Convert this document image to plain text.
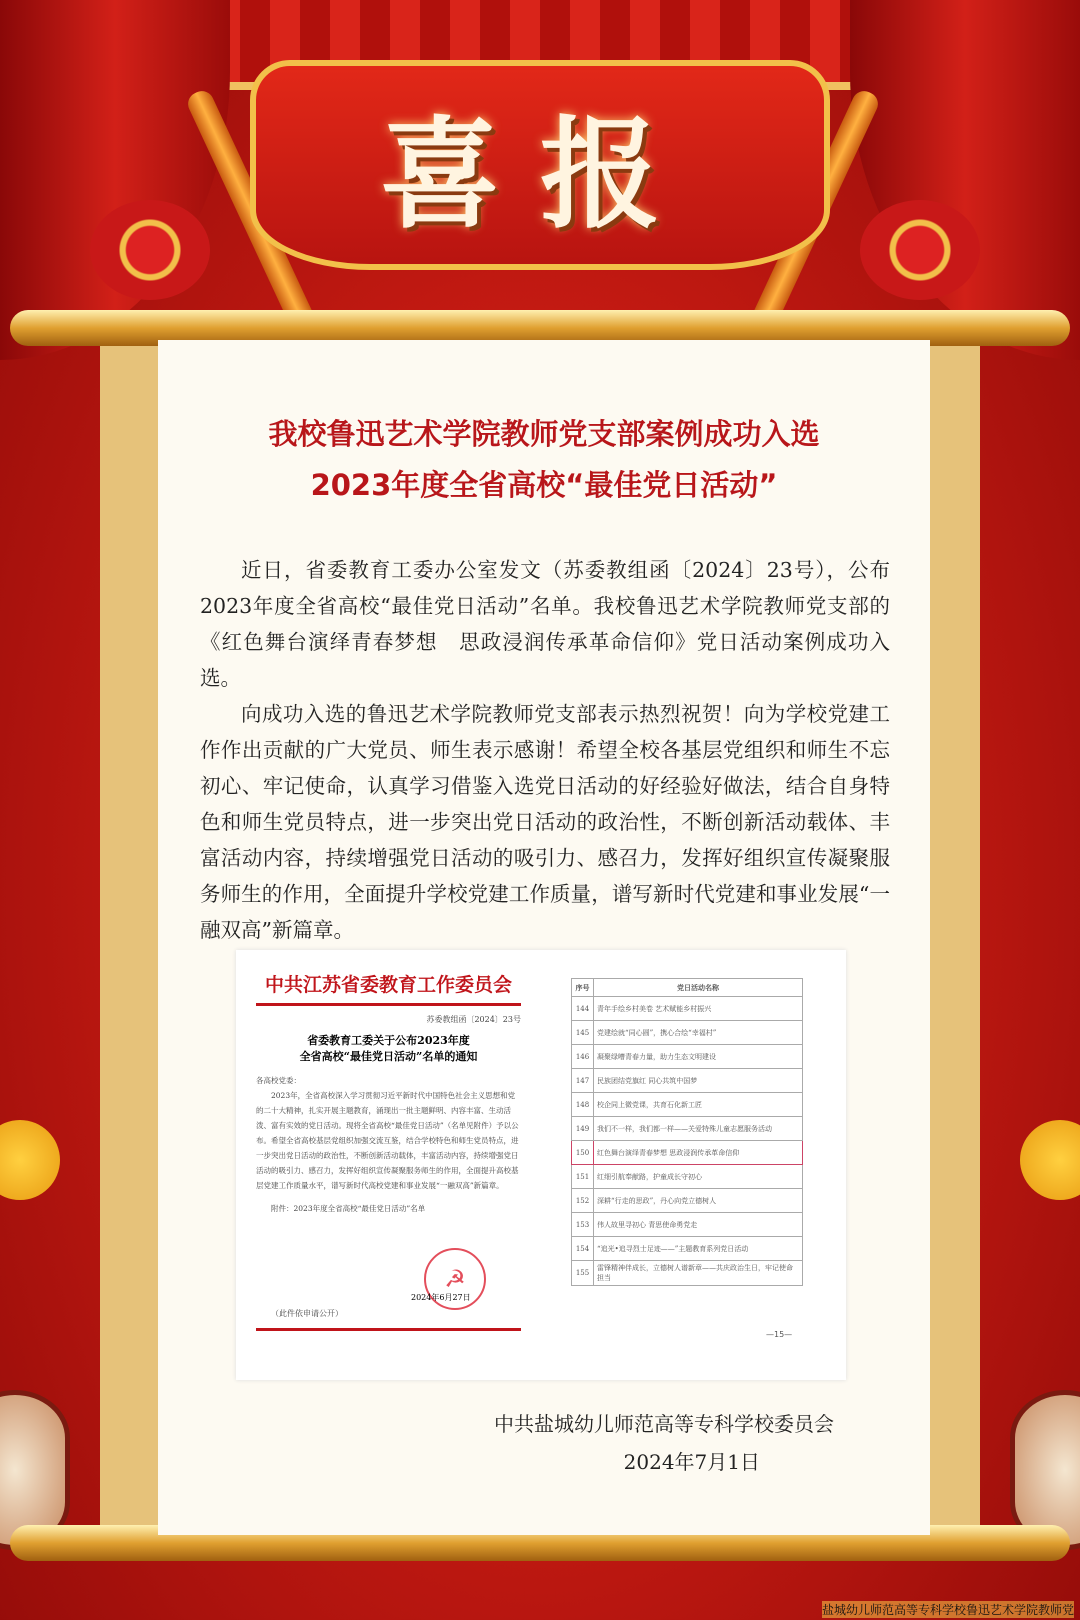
喜报
我校鲁迅艺术学院教师党支部案例成功入选
2023年度全省高校“最佳党日活动”

近日，省委教育工委办公室发文（苏委教组函〔2024〕23号），公布2023年度全省高校“最佳党日活动”名单。我校鲁迅艺术学院教师党支部的《红色舞台演绎青春梦想　思政浸润传承革命信仰》党日活动案例成功入选。

向成功入选的鲁迅艺术学院教师党支部表示热烈祝贺！向为学校党建工作作出贡献的广大党员、师生表示感谢！希望全校各基层党组织和师生不忘初心、牢记使命，认真学习借鉴入选党日活动的好经验好做法，结合自身特色和师生党员特点，进一步突出党日活动的政治性，不断创新活动载体、丰富活动内容，持续增强党日活动的吸引力、感召力，发挥好组织宣传凝聚服务师生的作用，全面提升学校党建工作质量，谱写新时代党建和事业发展“一融双高”新篇章。

中共江苏省委教育工作委员会
苏委教组函〔2024〕23号
省委教育工委关于公布2023年度
全省高校“最佳党日活动”名单的通知
各高校党委：

2023年，全省高校深入学习贯彻习近平新时代中国特色社会主义思想和党的二十大精神，扎实开展主题教育，涌现出一批主题鲜明、内容丰富、生动活泼、富有实效的党日活动。现将全省高校“最佳党日活动”（名单见附件）予以公布。希望全省高校基层党组织加强交流互鉴，结合学校特色和师生党员特点，进一步突出党日活动的政治性，不断创新活动载体，丰富活动内容，持续增强党日活动的吸引力、感召力，发挥好组织宣传凝聚服务师生的作用，全面提升高校基层党建工作质量水平，谱写新时代高校党建和事业发展“一融双高”新篇章。

附件：2023年度全省高校“最佳党日活动”名单

☭
2024年6月27日
（此件依申请公开）
序号	党日活动名称
144	青年手绘乡村美卷 艺术赋能乡村振兴
145	党建绘就“同心圆”，携心合绘“幸福村”
146	凝聚绿嘈青春力量，助力生态文明建设
147	民族团结党旗红 同心共筑中国梦
148	校企同上微党课，共育石化新工匠
149	我们不一样，我们都一样——关爱特殊儿童志愿服务活动
150	红色舞台演绎青春梦想 思政浸润传承革命信仰
151	红细引航奉献路，护童成长守初心
152	深耕“行走的思政”，丹心向党立德树人
153	伟人故里寻初心 青思使命勇党走
154	“追光•追寻烈士足迹——”主题教育系列党日活动
155	雷锋精神伴成长，立德树人谱新章——共庆政治生日，牢记使命担当
—15—
中共盐城幼儿师范高等专科学校委员会
2024年7月1日
盐城幼儿师范高等专科学校鲁迅艺术学院教师党
